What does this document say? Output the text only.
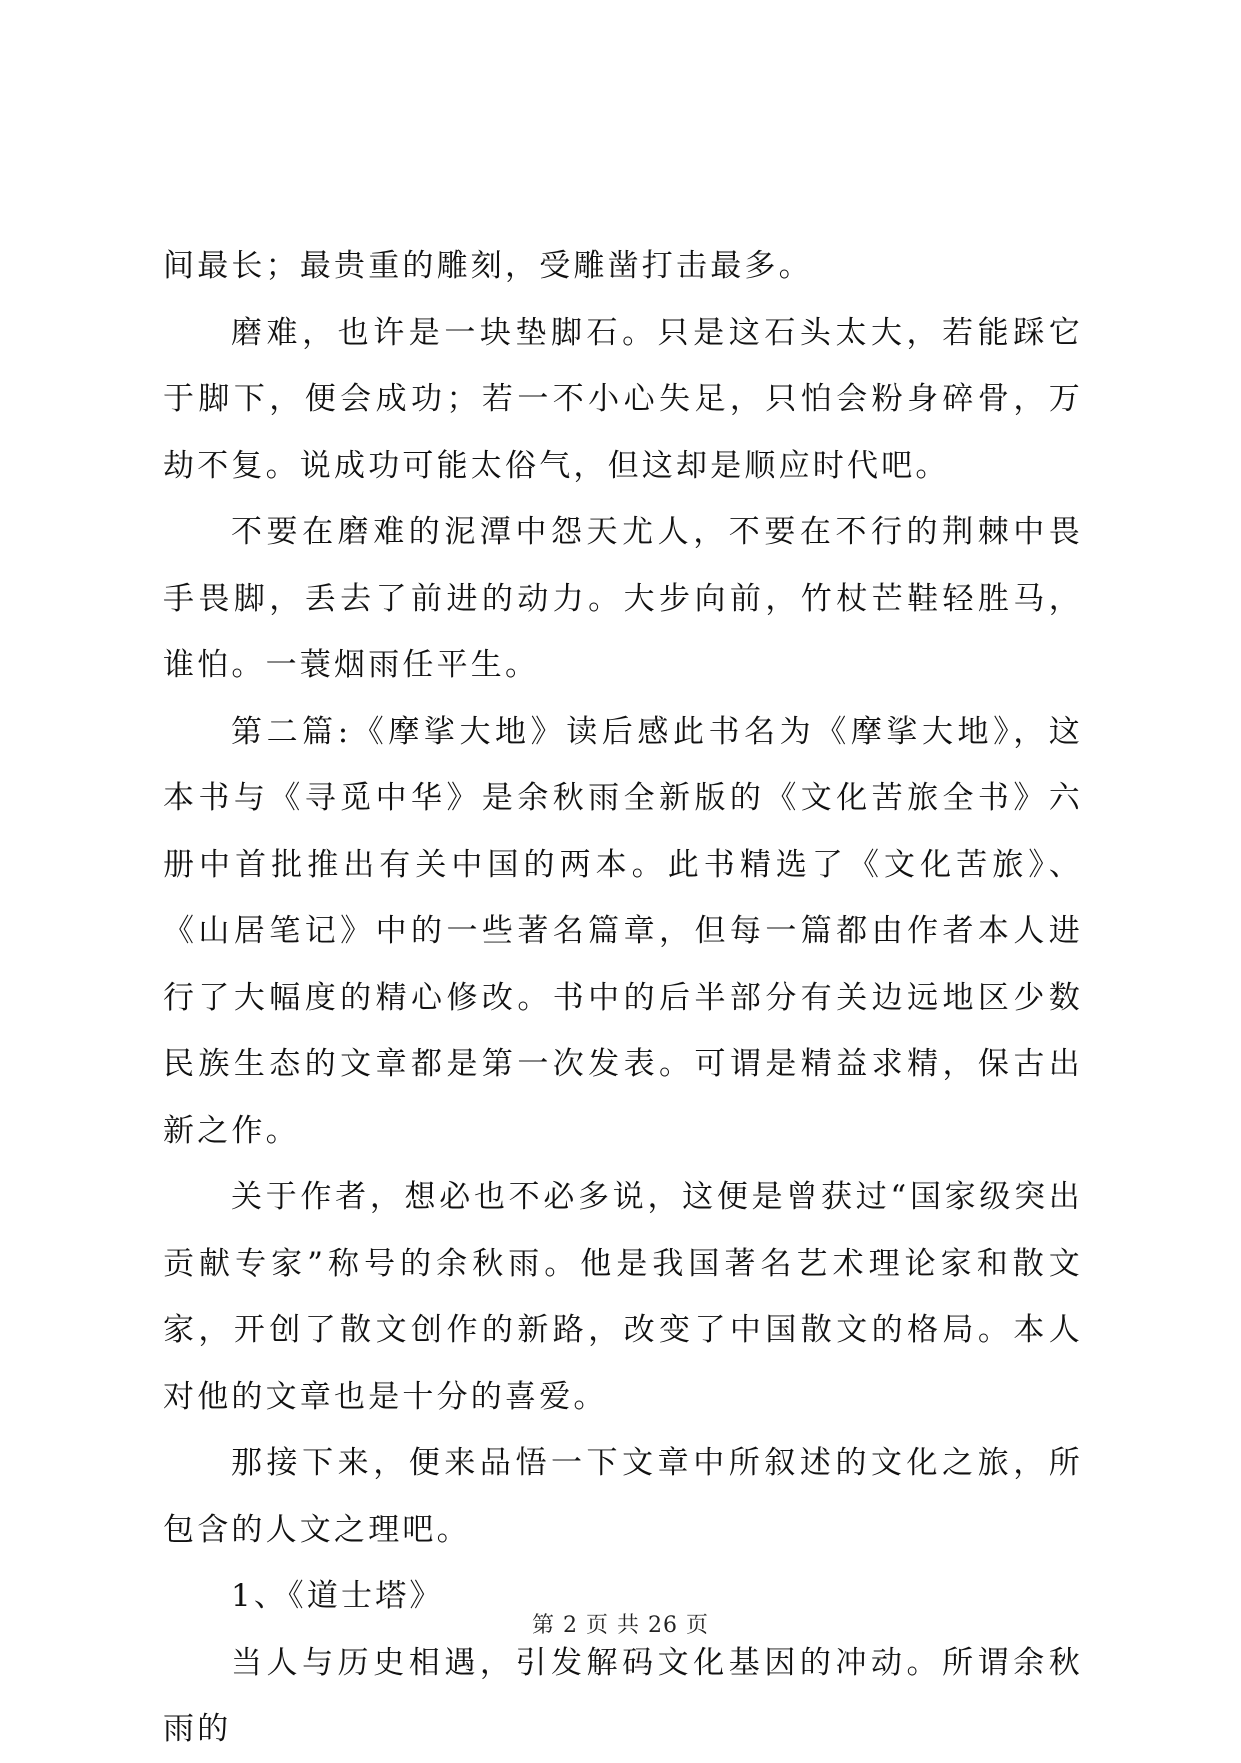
间最长；最贵重的雕刻，受雕凿打击最多。

磨难，也许是一块垫脚石。只是这石头太大，若能踩它于脚下，便会成功；若一不小心失足，只怕会粉身碎骨，万劫不复。说成功可能太俗气，但这却是顺应时代吧。

不要在磨难的泥潭中怨天尤人，不要在不行的荆棘中畏手畏脚，丢去了前进的动力。大步向前，竹杖芒鞋轻胜马，谁怕。一蓑烟雨任平生。

第二篇:《摩挲大地》读后感此书名为《摩挲大地》，这本书与《寻觅中华》是余秋雨全新版的《文化苦旅全书》六册中首批推出有关中国的两本。此书精选了《文化苦旅》、《山居笔记》中的一些著名篇章，但每一篇都由作者本人进行了大幅度的精心修改。书中的后半部分有关边远地区少数民族生态的文章都是第一次发表。可谓是精益求精，保古出新之作。

关于作者，想必也不必多说，这便是曾获过“国家级突出贡献专家”称号的余秋雨。他是我国著名艺术理论家和散文家，开创了散文创作的新路，改变了中国散文的格局。本人对他的文章也是十分的喜爱。

那接下来，便来品悟一下文章中所叙述的文化之旅，所包含的人文之理吧。

1、《道士塔》

当人与历史相遇，引发解码文化基因的冲动。所谓余秋雨的

第 2 页 共 26 页
